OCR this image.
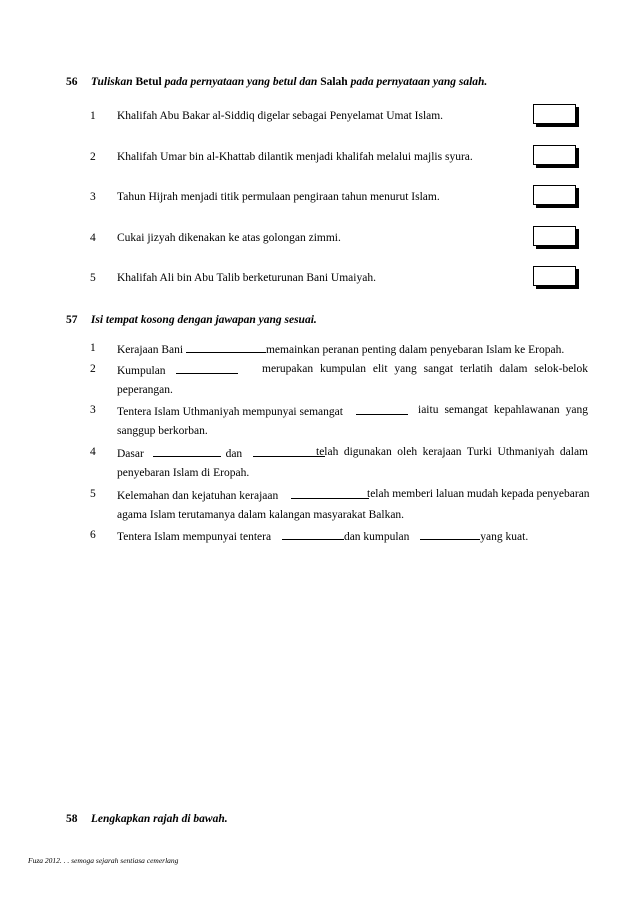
56 Tuliskan Betul pada pernyataan yang betul dan Salah pada pernyataan yang salah.
1 Khalifah Abu Bakar al-Siddiq digelar sebagai Penyelamat Umat Islam.
2 Khalifah Umar bin al-Khattab dilantik menjadi khalifah melalui majlis syura.
3 Tahun Hijrah menjadi titik permulaan pengiraan tahun menurut Islam.
4 Cukai jizyah dikenakan ke atas golongan zimmi.
5 Khalifah Ali bin Abu Talib berketurunan Bani Umaiyah.
57 Isi tempat kosong dengan jawapan yang sesuai.
1 Kerajaan Bani	memainkan peranan penting dalam penyebaran Islam ke Eropah.
2 Kumpulan	merupakan kumpulan elit yang sangat terlatih dalam selok-belok
peperangan.
3 Tentera Islam Uthmaniyah mempunyai semangat	iaitu semangat kepahlawanan yang
sanggup berkorban.
4 Dasar	dan	telah digunakan oleh kerajaan Turki Uthmaniyah dalam
penyebaran Islam di Eropah.
5 Kelemahan dan kejatuhan kerajaan	telah memberi laluan mudah kepada penyebaran
agama Islam terutamanya dalam kalangan masyarakat Balkan.
6 Tentera Islam mempunyai tentera	dan kumpulan	yang kuat.
58 Lengkapkan rajah di bawah.
Fuza 2012. . . semoga sejarah sentiasa cemerlang
